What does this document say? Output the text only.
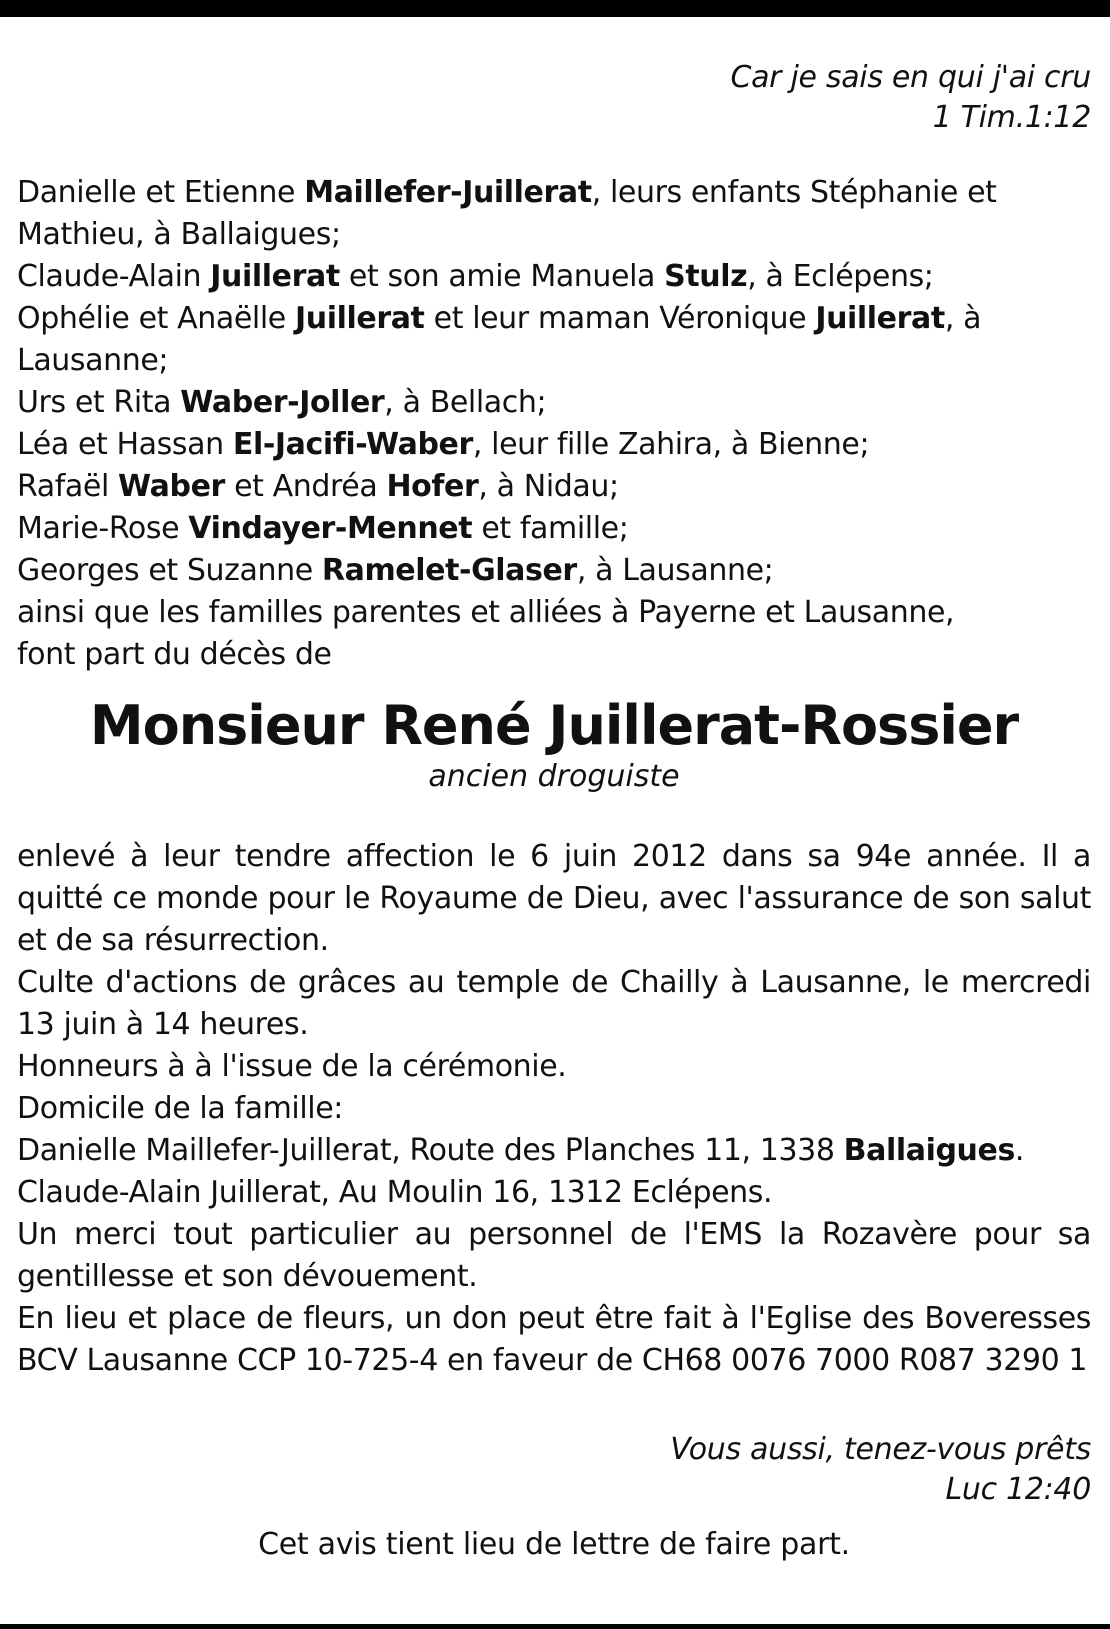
Car je sais en qui j'ai cru
1 Tim.1:12
Danielle et Etienne Maillefer-Juillerat, leurs enfants Stéphanie et Mathieu, à Ballaigues;
Claude-Alain Juillerat et son amie Manuela Stulz, à Eclépens;
Ophélie et Anaëlle Juillerat et leur maman Véronique Juillerat, à Lausanne;
Urs et Rita Waber-Joller, à Bellach;
Léa et Hassan El-Jacifi-Waber, leur fille Zahira, à Bienne;
Rafaël Waber et Andréa Hofer, à Nidau;
Marie-Rose Vindayer-Mennet et famille;
Georges et Suzanne Ramelet-Glaser, à Lausanne;
ainsi que les familles parentes et alliées à Payerne et Lausanne,
font part du décès de
Monsieur René Juillerat-Rossier
ancien droguiste
enlevé à leur tendre affection le 6 juin 2012 dans sa 94e année. Il a quitté ce monde pour le Royaume de Dieu, avec l'assurance de son salut et de sa résurrection.
Culte d'actions de grâces au temple de Chailly à Lausanne, le mercredi 13 juin à 14 heures.
Honneurs à à l'issue de la cérémonie.
Domicile de la famille:
Danielle Maillefer-Juillerat, Route des Planches 11, 1338 Ballaigues.
Claude-Alain Juillerat, Au Moulin 16, 1312 Eclépens.
Un merci tout particulier au personnel de l'EMS la Rozavère pour sa gentillesse et son dévouement.
En lieu et place de fleurs, un don peut être fait à l'Eglise des Boveresses BCV Lausanne CCP 10-725-4 en faveur de CH68 0076 7000 R087 3290 1
Vous aussi, tenez-vous prêts
Luc 12:40
Cet avis tient lieu de lettre de faire part.
